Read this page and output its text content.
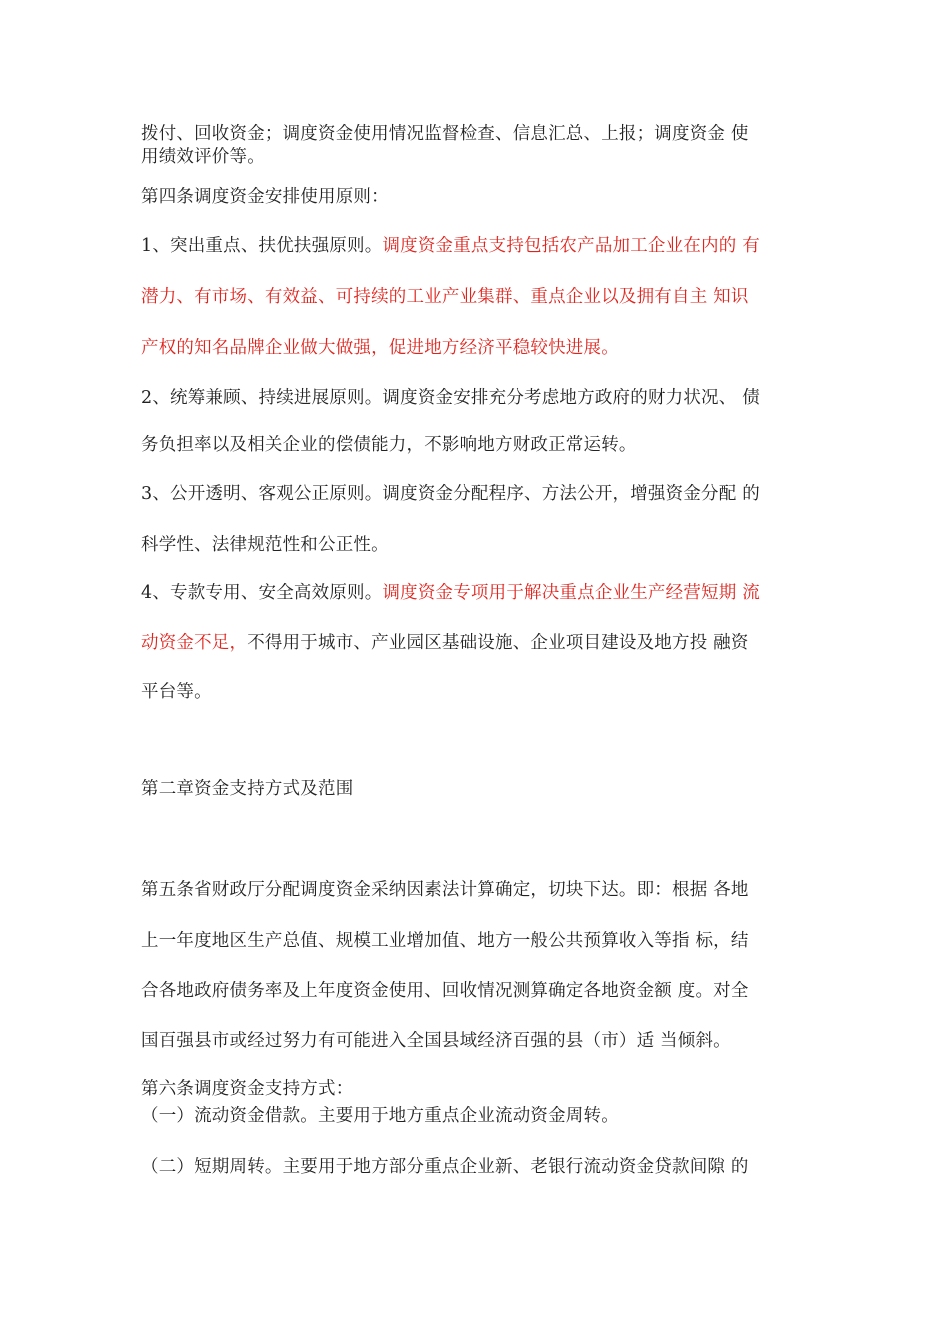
拨付、回收资金；调度资金使用情况监督检查、信息汇总、上报；调度资金 使
用绩效评价等。
第四条调度资金安排使用原则：
1、突出重点、扶优扶强原则。调度资金重点支持包括农产品加工企业在内的 有
潜力、有市场、有效益、可持续的工业产业集群、重点企业以及拥有自主 知识
产权的知名品牌企业做大做强，促进地方经济平稳较快进展。
2、统筹兼顾、持续进展原则。调度资金安排充分考虑地方政府的财力状况、 债
务负担率以及相关企业的偿债能力，不影响地方财政正常运转。
3、公开透明、客观公正原则。调度资金分配程序、方法公开，增强资金分配 的
科学性、法律规范性和公正性。
4、专款专用、安全高效原则。调度资金专项用于解决重点企业生产经营短期 流
动资金不足，不得用于城市、产业园区基础设施、企业项目建设及地方投 融资
平台等。
第二章资金支持方式及范围
第五条省财政厅分配调度资金采纳因素法计算确定，切块下达。即：根据 各地
上一年度地区生产总值、规模工业增加值、地方一般公共预算收入等指 标，结
合各地政府债务率及上年度资金使用、回收情况测算确定各地资金额 度。对全
国百强县市或经过努力有可能进入全国县域经济百强的县（市）适 当倾斜。
第六条调度资金支持方式：
（一）流动资金借款。主要用于地方重点企业流动资金周转。
（二）短期周转。主要用于地方部分重点企业新、老银行流动资金贷款间隙 的
